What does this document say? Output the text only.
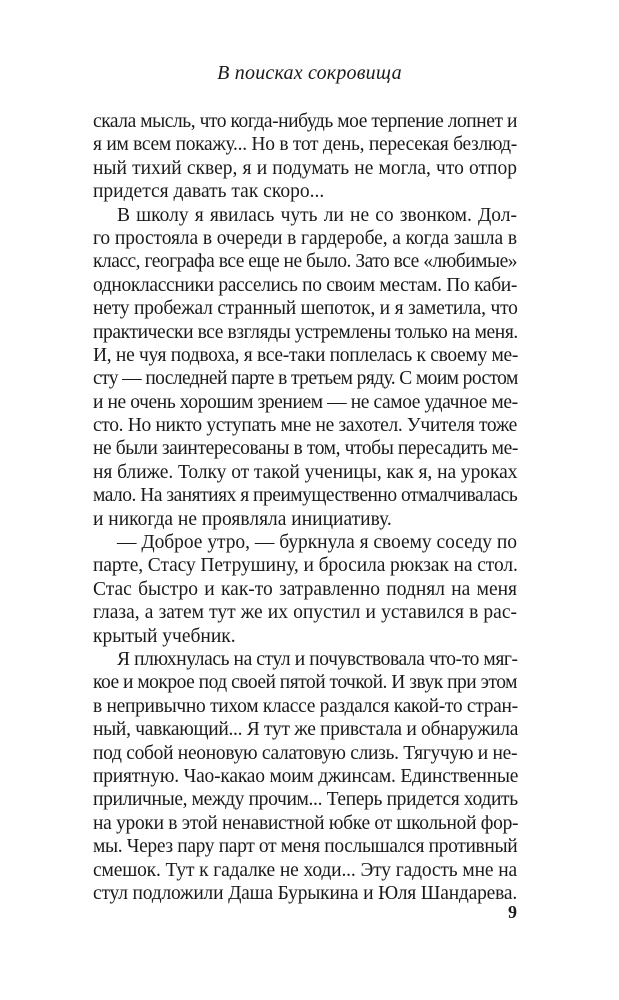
В поисках сокровища
скала мысль, что когда-нибудь мое терпение лопнет и
я им всем покажу... Но в тот день, пересекая безлюд-
ный тихий сквер, я и подумать не могла, что отпор
придется давать так скоро...
В школу я явилась чуть ли не со звонком. Дол-
го простояла в очереди в гардеробе, а когда зашла в
класс, географа все еще не было. Зато все «любимые»
одноклассники расселись по своим местам. По каби-
нету пробежал странный шепоток, и я заметила, что
практически все взгляды устремлены только на меня.
И, не чуя подвоха, я все-таки поплелась к своему ме-
сту — последней парте в третьем ряду. С моим ростом
и не очень хорошим зрением — не самое удачное ме-
сто. Но никто уступать мне не захотел. Учителя тоже
не были заинтересованы в том, чтобы пересадить ме-
ня ближе. Толку от такой ученицы, как я, на уроках
мало. На занятиях я преимущественно отмалчивалась
и никогда не проявляла инициативу.
— Доброе утро, — буркнула я своему соседу по
парте, Стасу Петрушину, и бросила рюкзак на стол.
Стас быстро и как-то затравленно поднял на меня
глаза, а затем тут же их опустил и уставился в рас-
крытый учебник.
Я плюхнулась на стул и почувствовала что-то мяг-
кое и мокрое под своей пятой точкой. И звук при этом
в непривычно тихом классе раздался какой-то стран-
ный, чавкающий... Я тут же привстала и обнаружила
под собой неоновую салатовую слизь. Тягучую и не-
приятную. Чао-какао моим джинсам. Единственные
приличные, между прочим... Теперь придется ходить
на уроки в этой ненавистной юбке от школьной фор-
мы. Через пару парт от меня послышался противный
смешок. Тут к гадалке не ходи... Эту гадость мне на
стул подложили Даша Бурыкина и Юля Шандарева.
9
